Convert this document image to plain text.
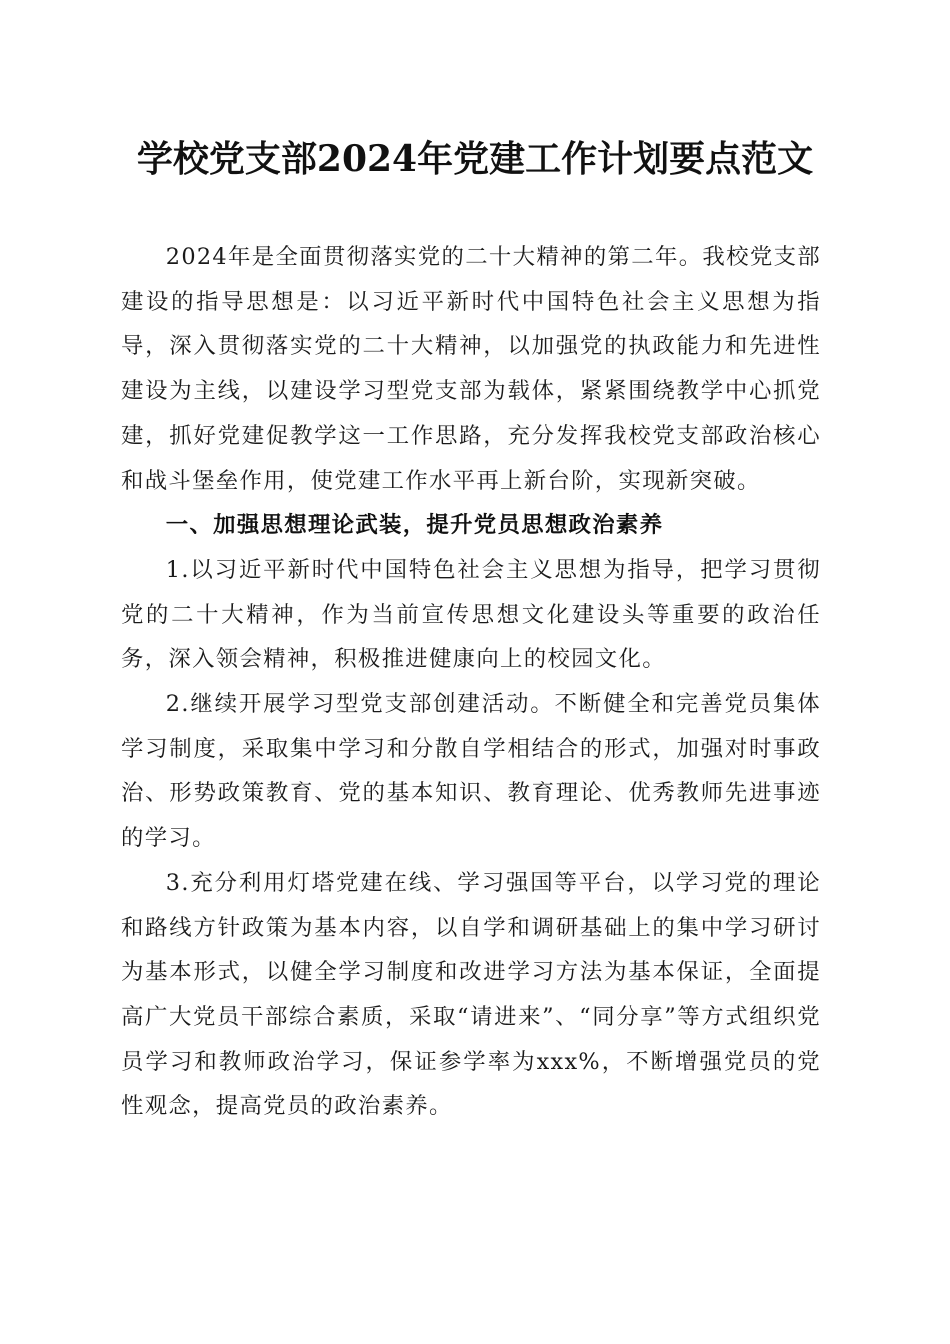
学校党支部2024年党建工作计划要点范文

2024年是全面贯彻落实党的二十大精神的第二年。我校党支部建设的指导思想是：以习近平新时代中国特色社会主义思想为指导，深入贯彻落实党的二十大精神，以加强党的执政能力和先进性建设为主线，以建设学习型党支部为载体，紧紧围绕教学中心抓党建，抓好党建促教学这一工作思路，充分发挥我校党支部政治核心和战斗堡垒作用，使党建工作水平再上新台阶，实现新突破。

一、加强思想理论武装，提升党员思想政治素养

1.以习近平新时代中国特色社会主义思想为指导，把学习贯彻党的二十大精神，作为当前宣传思想文化建设头等重要的政治任务，深入领会精神，积极推进健康向上的校园文化。

2.继续开展学习型党支部创建活动。不断健全和完善党员集体学习制度，采取集中学习和分散自学相结合的形式，加强对时事政治、形势政策教育、党的基本知识、教育理论、优秀教师先进事迹的学习。

3.充分利用灯塔党建在线、学习强国等平台，以学习党的理论和路线方针政策为基本内容，以自学和调研基础上的集中学习研讨为基本形式，以健全学习制度和改进学习方法为基本保证，全面提高广大党员干部综合素质，采取“请进来”、“同分享”等方式组织党员学习和教师政治学习，保证参学率为xxx%，不断增强党员的党性观念，提高党员的政治素养。
